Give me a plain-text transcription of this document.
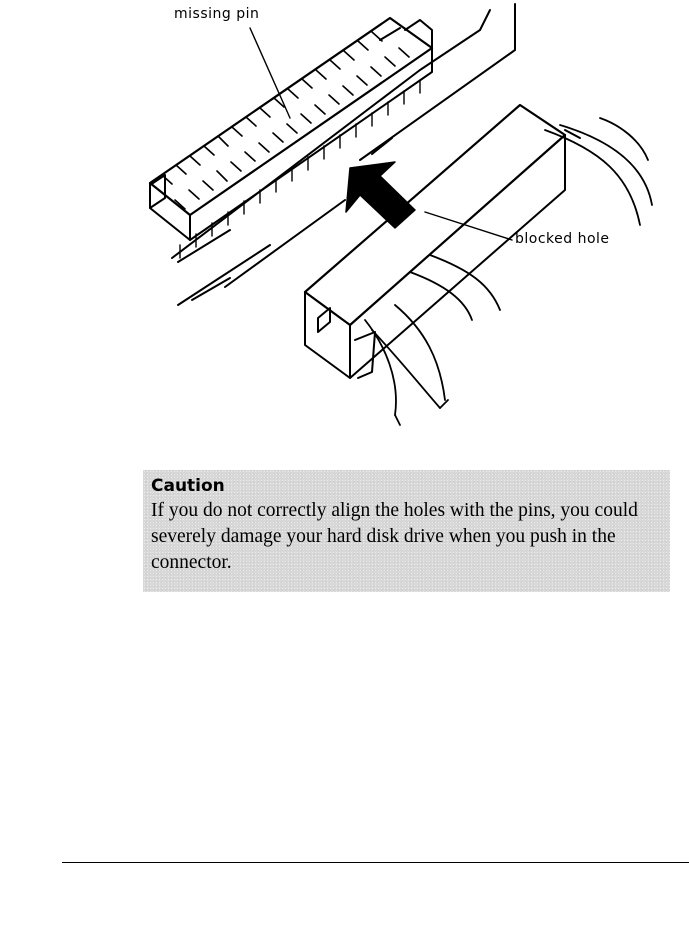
missing pin
blocked hole
Caution
If you do not correctly align the holes with the pins, you could severely damage your hard disk drive when you push in the connector.
